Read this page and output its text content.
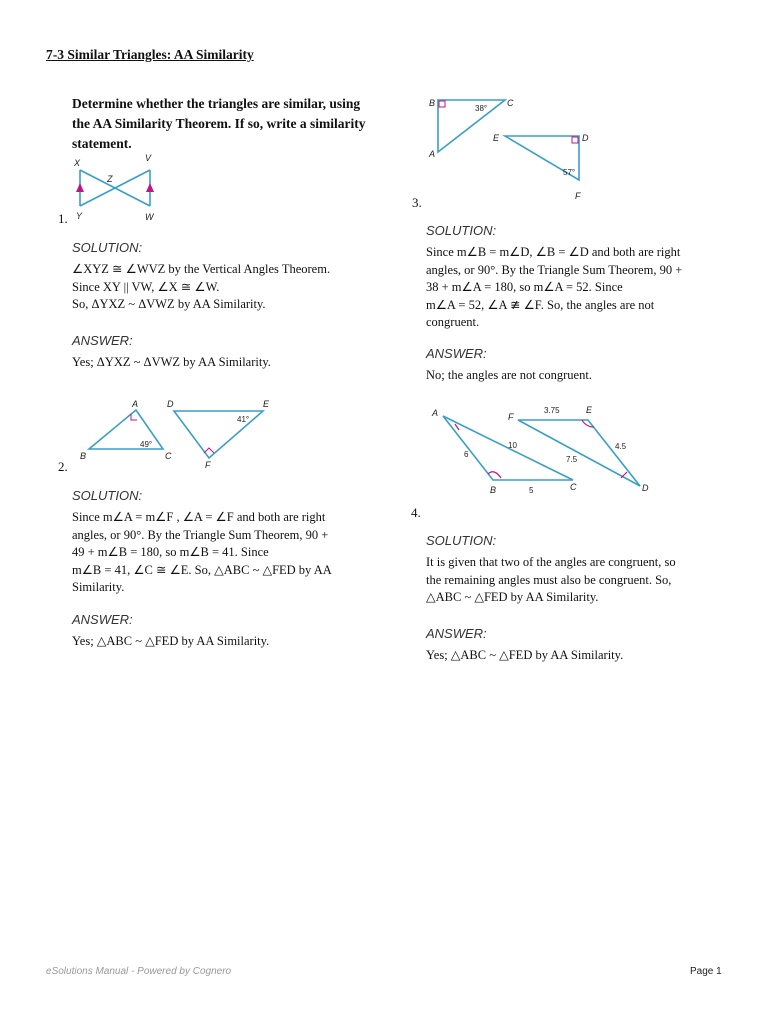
7-3 Similar Triangles: AA Similarity
Determine whether the triangles are similar, using the AA Similarity Theorem. If so, write a similarity statement.
X
Z
V
Y	W
1.
SOLUTION:
∠XYZ ≅ ∠WVZ by the Vertical Angles Theorem.
Since XY || VW, ∠X ≅ ∠W.
So, ΔYXZ ~ ΔVWZ by AA Similarity.
ANSWER:
Yes; ΔYXZ ~ ΔVWZ by AA Similarity.
A	D	E
B	C
F
49°
41°
2.
SOLUTION:
Since m∠A = m∠F , ∠A = ∠F and both are right
angles, or 90°. By the Triangle Sum Theorem, 90 +
49 + m∠B = 180, so m∠B = 41. Since
m∠B = 41, ∠C ≅ ∠E. So, △ABC ~ △FED by AA
Similarity.
ANSWER:
Yes; △ABC ~ △FED by AA Similarity.
B	C
A
E	D
F
38°
57°
3.
SOLUTION:
Since m∠B = m∠D, ∠B = ∠D and both are right
angles, or 90°. By the Triangle Sum Theorem, 90 +
38 + m∠A = 180, so m∠A = 52. Since
m∠A = 52, ∠A ≇ ∠F. So, the angles are not
congruent.
ANSWER:
No; the angles are not congruent.
A	F
E
B	C	D
3.75
10	4.5
6
7.5
5
4.
SOLUTION:
It is given that two of the angles are congruent, so
the remaining angles must also be congruent. So,
△ABC ~ △FED by AA Similarity.
ANSWER:
Yes; △ABC ~ △FED by AA Similarity.
eSolutions Manual - Powered by Cognero	Page 1
